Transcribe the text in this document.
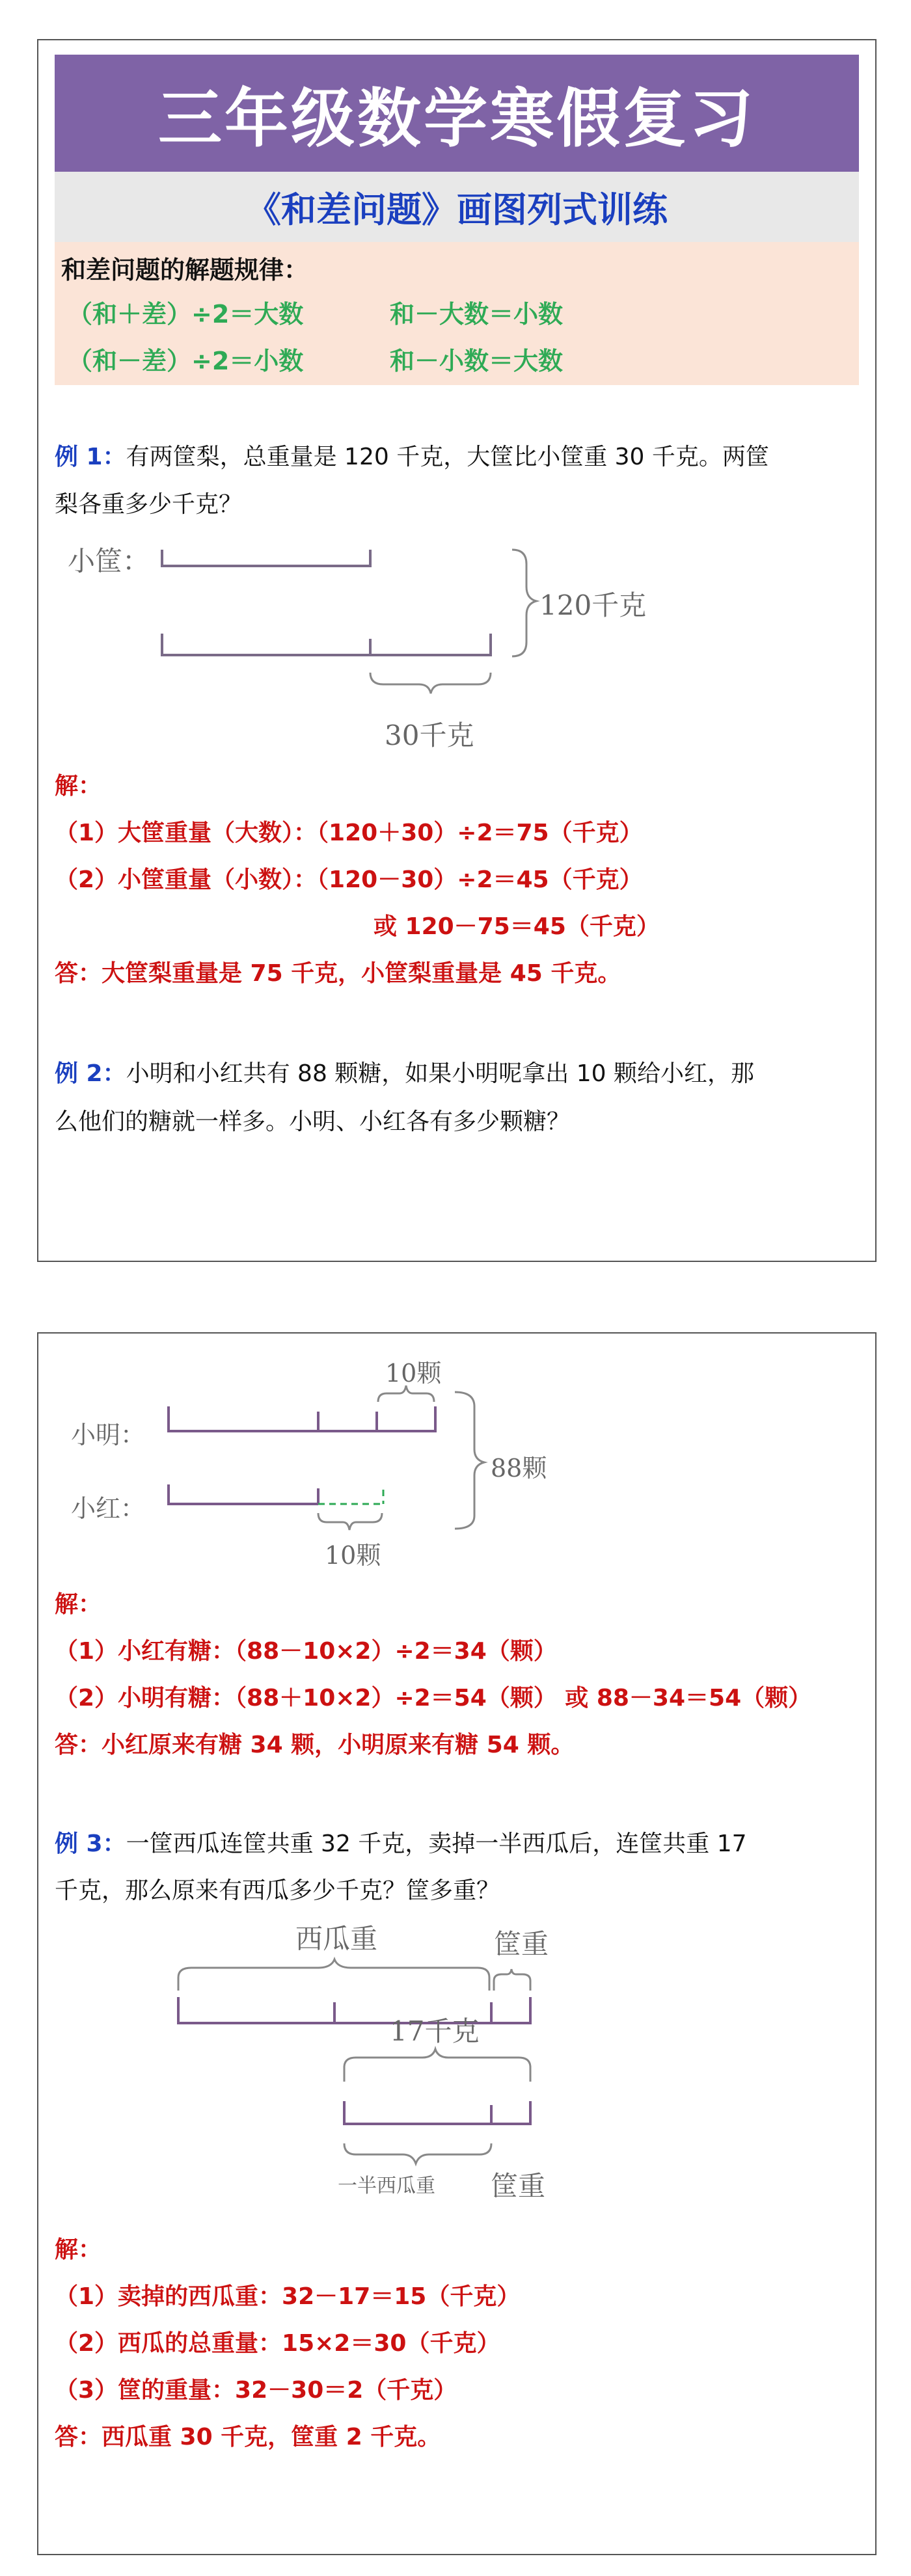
三年级数学寒假复习
《和差问题》画图列式训练
和差问题的解题规律：
（和＋差）÷2＝大数	和－大数＝小数
（和－差）÷2＝小数	和－小数＝大数
例 1：有两筐梨，总重量是 120 千克，大筐比小筐重 30 千克。两筐
梨各重多少千克？
小筐：
120千克
30千克
解：
（1）大筐重量（大数）：（120＋30）÷2＝75（千克）
（2）小筐重量（小数）：（120－30）÷2＝45（千克）
或 120－75＝45（千克）
答：大筐梨重量是 75 千克，小筐梨重量是 45 千克。
例 2：小明和小红共有 88 颗糖，如果小明呢拿出 10 颗给小红，那
么他们的糖就一样多。小明、小红各有多少颗糖？
10颗
小明：
小红：
88颗
10颗
解：
（1）小红有糖：（88－10×2）÷2＝34（颗）
（2）小明有糖：（88＋10×2）÷2＝54（颗） 或 88－34＝54（颗）
答：小红原来有糖 34 颗，小明原来有糖 54 颗。
例 3：一筐西瓜连筐共重 32 千克，卖掉一半西瓜后，连筐共重 17
千克，那么原来有西瓜多少千克？筐多重？
西瓜重	筐重
17千克
一半西瓜重 筐重
解：
（1）卖掉的西瓜重：32－17＝15（千克）
（2）西瓜的总重量：15×2＝30（千克）
（3）筐的重量：32－30＝2（千克）
答：西瓜重 30 千克，筐重 2 千克。
